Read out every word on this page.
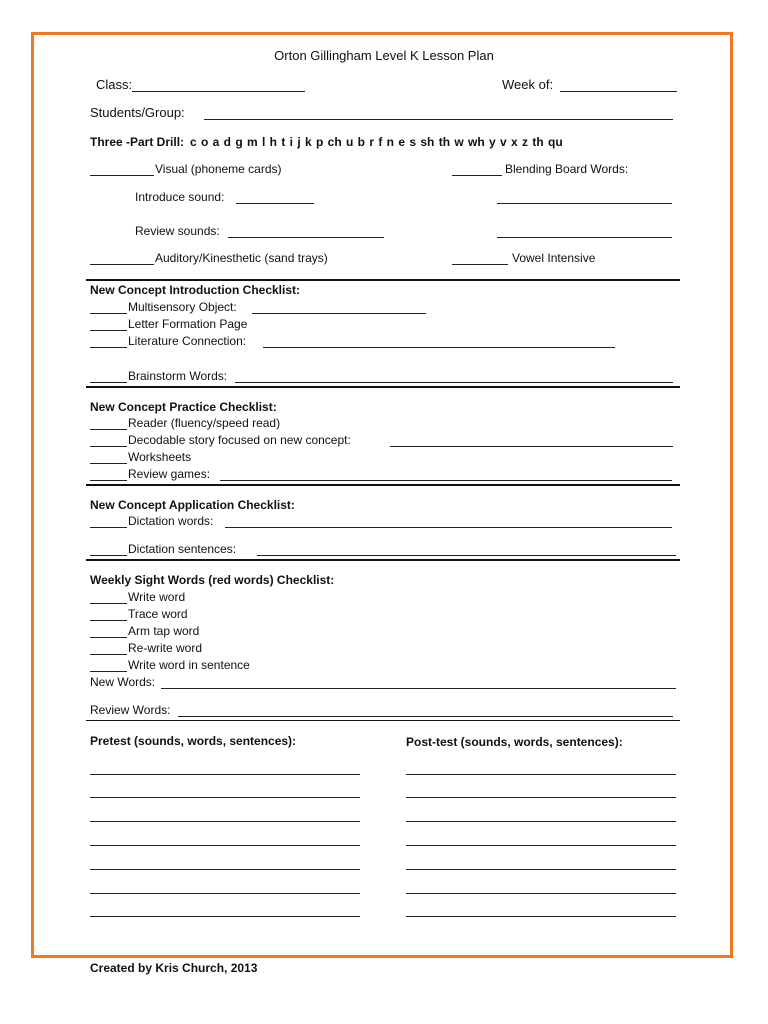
Orton Gillingham Level K Lesson Plan
Class:	Week of:
Students/Group:
Three -Part Drill: c o a d g m l h t i j k p ch u b r f n e s sh th w wh y v x z th qu
Visual (phoneme cards)	Blending Board Words:
Introduce sound:
Review sounds:
Auditory/Kinesthetic (sand trays)	Vowel Intensive
New Concept Introduction Checklist:
Multisensory Object:
Letter Formation Page
Literature Connection:
Brainstorm Words:
New Concept Practice Checklist:
Reader (fluency/speed read)
Decodable story focused on new concept:
Worksheets
Review games:
New Concept Application Checklist:
Dictation words:
Dictation sentences:
Weekly Sight Words (red words) Checklist:
Write word
Trace word
Arm tap word
Re-write word
Write word in sentence
New Words:
Review Words:
Pretest (sounds, words, sentences):	Post-test (sounds, words, sentences):
Created by Kris Church, 2013
